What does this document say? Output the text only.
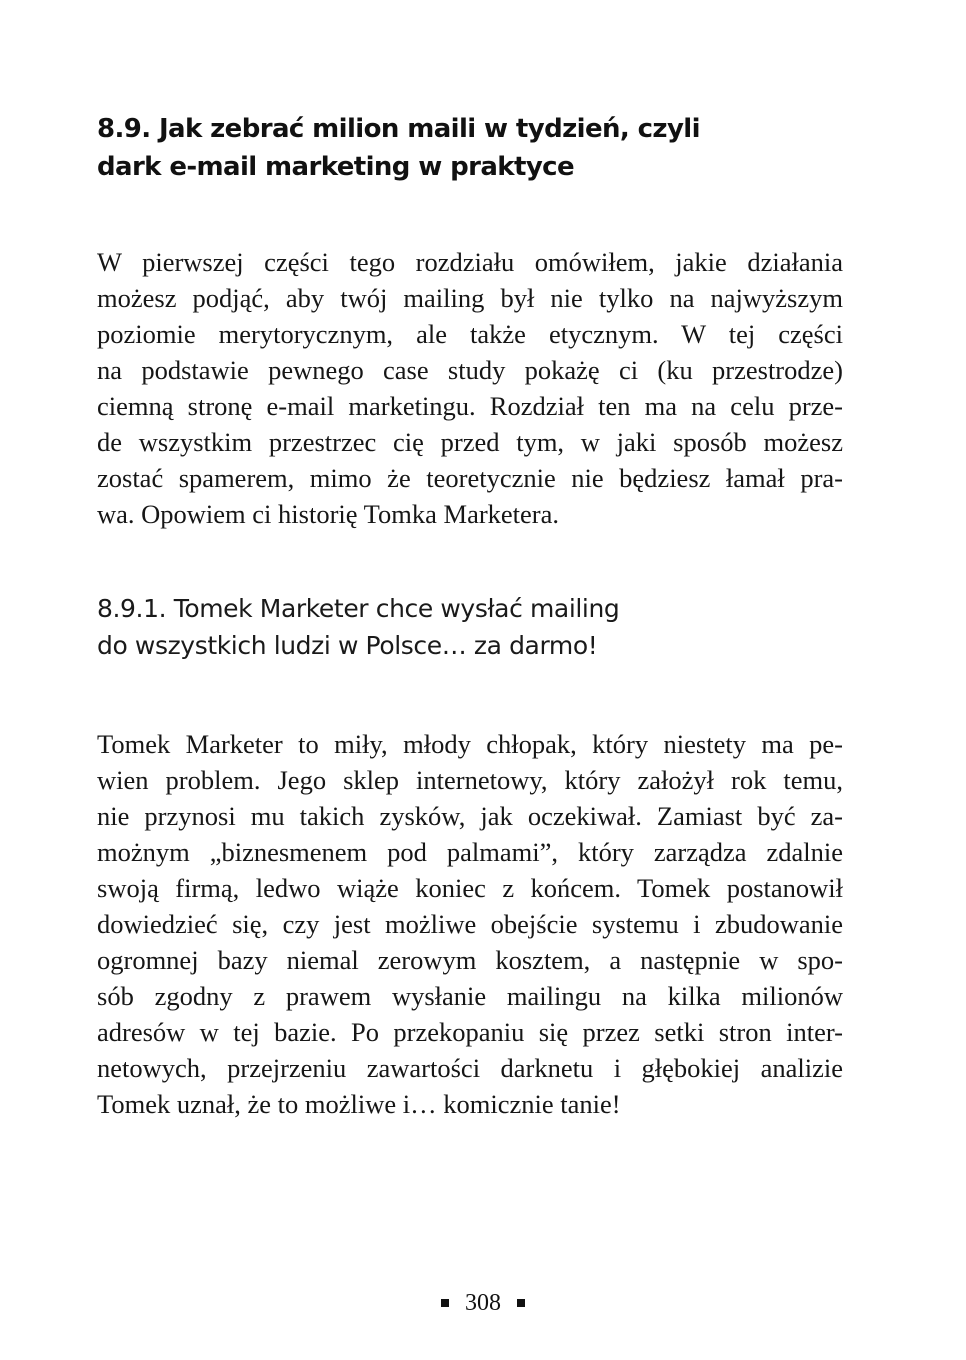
8.9. Jak zebrać milion maili w tydzień, czyli
dark e-mail marketing w praktyce
W pierwszej części tego rozdziału omówiłem, jakie działania
możesz podjąć, aby twój mailing był nie tylko na najwyższym
poziomie merytorycznym, ale także etycznym. W tej części
na podstawie pewnego case study pokażę ci (ku przestrodze)
ciemną stronę e-mail marketingu. Rozdział ten ma na celu prze-
de wszystkim przestrzec cię przed tym, w jaki sposób możesz
zostać spamerem, mimo że teoretycznie nie będziesz łamał pra-
wa. Opowiem ci historię Tomka Marketera.
8.9.1. Tomek Marketer chce wysłać mailing
do wszystkich ludzi w Polsce… za darmo!
Tomek Marketer to miły, młody chłopak, który niestety ma pe-
wien problem. Jego sklep internetowy, który założył rok temu,
nie przynosi mu takich zysków, jak oczekiwał. Zamiast być za-
możnym „biznesmenem pod palmami”, który zarządza zdalnie
swoją firmą, ledwo wiąże koniec z końcem. Tomek postanowił
dowiedzieć się, czy jest możliwe obejście systemu i zbudowanie
ogromnej bazy niemal zerowym kosztem, a następnie w spo-
sób zgodny z prawem wysłanie mailingu na kilka milionów
adresów w tej bazie. Po przekopaniu się przez setki stron inter-
netowych, przejrzeniu zawartości darknetu i głębokiej analizie
Tomek uznał, że to możliwe i… komicznie tanie!
308
